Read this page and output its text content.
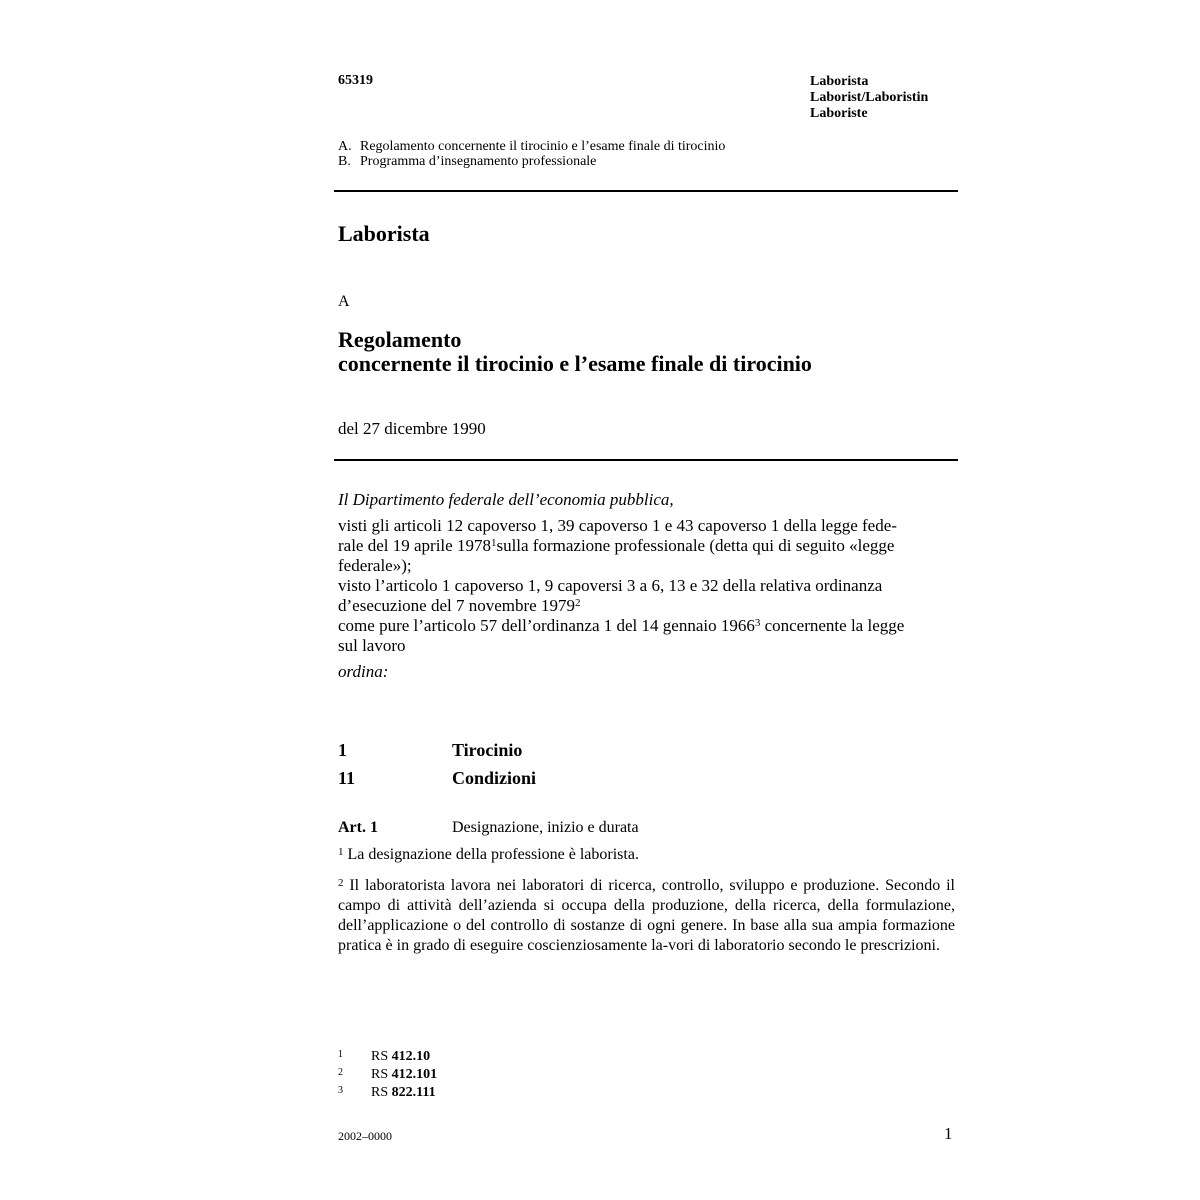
65319	Laborista
Laborist/Laboristin
Laboriste
A. Regolamento concernente il tirocinio e l’esame finale di tirocinio
B. Programma d’insegnamento professionale
Laborista
A
Regolamento
concernente il tirocinio e l’esame finale di tirocinio
del 27 dicembre 1990
Il Dipartimento federale dell’economia pubblica,
visti gli articoli 12 capoverso 1, 39 capoverso 1 e 43 capoverso 1 della legge fede-
rale del 19 aprile 1978$^1$sulla formazione professionale (detta qui di seguito «legge
federale»);
visto l’articolo 1 capoverso 1, 9 capoversi 3 a 6, 13 e 32 della relativa ordinanza
d’esecuzione del 7 novembre 1979$^2$
come pure l’articolo 57 dell’ordinanza 1 del 14 gennaio 1966$^3$ concernente la legge
sul lavoro
ordina:
1	Tirocinio
11	Condizioni
Art. 1	Designazione, inizio e durata
$^1$ La designazione della professione è laborista.
$^2$ Il laboratorista lavora nei laboratori di ricerca, controllo, sviluppo e produzione. Secondo il campo di attività dell’azienda si occupa della produzione, della ricerca, della formulazione, dell’applicazione o del controllo di sostanze di ogni genere. In base alla sua ampia formazione pratica è in grado di eseguire coscienziosamente la-vori di laboratorio secondo le prescrizioni.
1 RS 412.10
2 RS 412.101
3 RS 822.111
2002–0000	1
